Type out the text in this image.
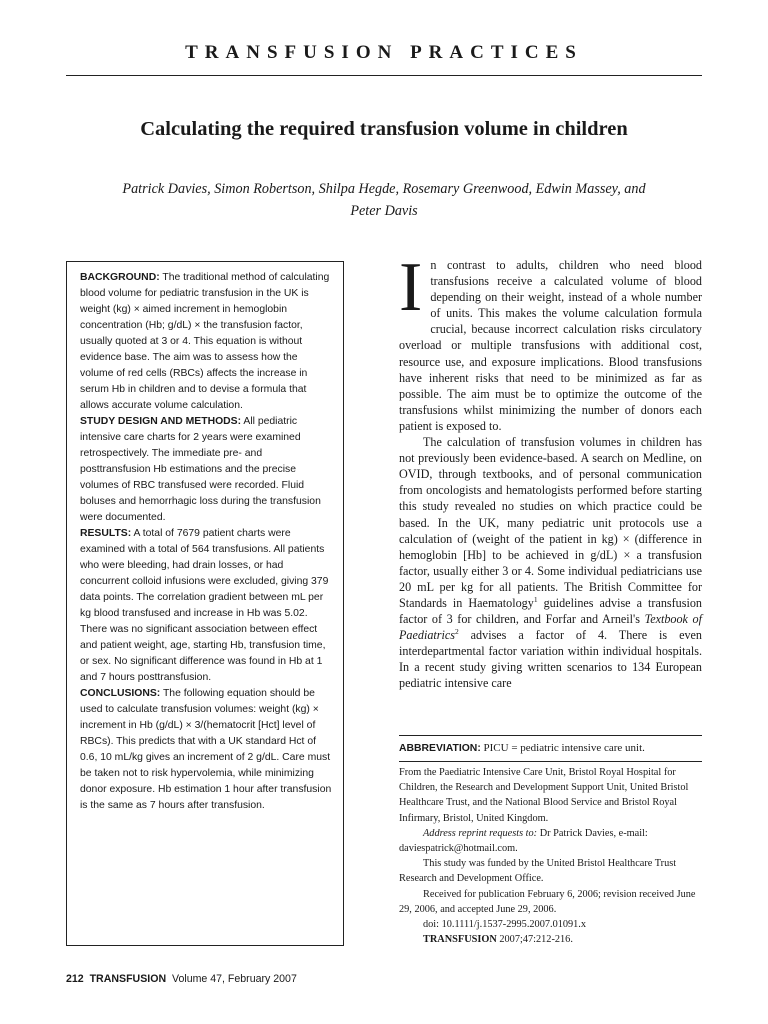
TRANSFUSION PRACTICES
Calculating the required transfusion volume in children
Patrick Davies, Simon Robertson, Shilpa Hegde, Rosemary Greenwood, Edwin Massey, and
Peter Davis

BACKGROUND: The traditional method of calculating blood volume for pediatric transfusion in the UK is weight (kg) × aimed increment in hemoglobin concentration (Hb; g/dL) × the transfusion factor, usually quoted at 3 or 4. This equation is without evidence base. The aim was to assess how the volume of red cells (RBCs) affects the increase in serum Hb in children and to devise a formula that allows accurate volume calculation.

STUDY DESIGN AND METHODS: All pediatric intensive care charts for 2 years were examined retrospectively. The immediate pre- and posttransfusion Hb estimations and the precise volumes of RBC transfused were recorded. Fluid boluses and hemorrhagic loss during the transfusion were documented.

RESULTS: A total of 7679 patient charts were examined with a total of 564 transfusions. All patients who were bleeding, had drain losses, or had concurrent colloid infusions were excluded, giving 379 data points. The correlation gradient between mL per kg blood transfused and increase in Hb was 5.02. There was no significant association between effect and patient weight, age, starting Hb, transfusion time, or sex. No significant difference was found in Hb at 1 and 7 hours posttransfusion.

CONCLUSIONS: The following equation should be used to calculate transfusion volumes: weight (kg) × increment in Hb (g/dL) × 3/(hematocrit [Hct] level of RBCs). This predicts that with a UK standard Hct of 0.6, 10 mL/kg gives an increment of 2 g/dL. Care must be taken not to risk hypervolemia, while minimizing donor exposure. Hb estimation 1 hour after transfusion is the same as 7 hours after transfusion.

In contrast to adults, children who need blood transfusions receive a calculated volume of blood depending on their weight, instead of a whole number of units. This makes the volume calculation formula crucial, because incorrect calculation risks circulatory overload or multiple transfusions with additional cost, resource use, and exposure implications. Blood transfusions have inherent risks that need to be minimized as far as possible. The aim must be to optimize the outcome of the transfusions whilst minimizing the number of donors each patient is exposed to.

The calculation of transfusion volumes in children has not previously been evidence-based. A search on Medline, on OVID, through textbooks, and of personal communication from oncologists and hematologists performed before starting this study revealed no studies on which practice could be based. In the UK, many pediatric unit protocols use a calculation of (weight of the patient in kg) × (difference in hemoglobin [Hb] to be achieved in g/dL) × a transfusion factor, usually either 3 or 4. Some individual pediatricians use 20 mL per kg for all patients. The British Committee for Standards in Haematology$^1$ guidelines advise a transfusion factor of 3 for children, and Forfar and Arneil's Textbook of Paediatrics$^2$ advises a factor of 4. There is even interdepartmental factor variation within individual hospitals. In a recent study giving written scenarios to 134 European pediatric intensive care

ABBREVIATION: PICU = pediatric intensive care unit.

From the Paediatric Intensive Care Unit, Bristol Royal Hospital for Children, the Research and Development Support Unit, United Bristol Healthcare Trust, and the National Blood Service and Bristol Royal Infirmary, Bristol, United Kingdom.

Address reprint requests to: Dr Patrick Davies, e-mail: daviespatrick@hotmail.com.

This study was funded by the United Bristol Healthcare Trust Research and Development Office.

Received for publication February 6, 2006; revision received June 29, 2006, and accepted June 29, 2006.

doi: 10.1111/j.1537-2995.2007.01091.x

TRANSFUSION 2007;47:212-216.

212 TRANSFUSION Volume 47, February 2007
